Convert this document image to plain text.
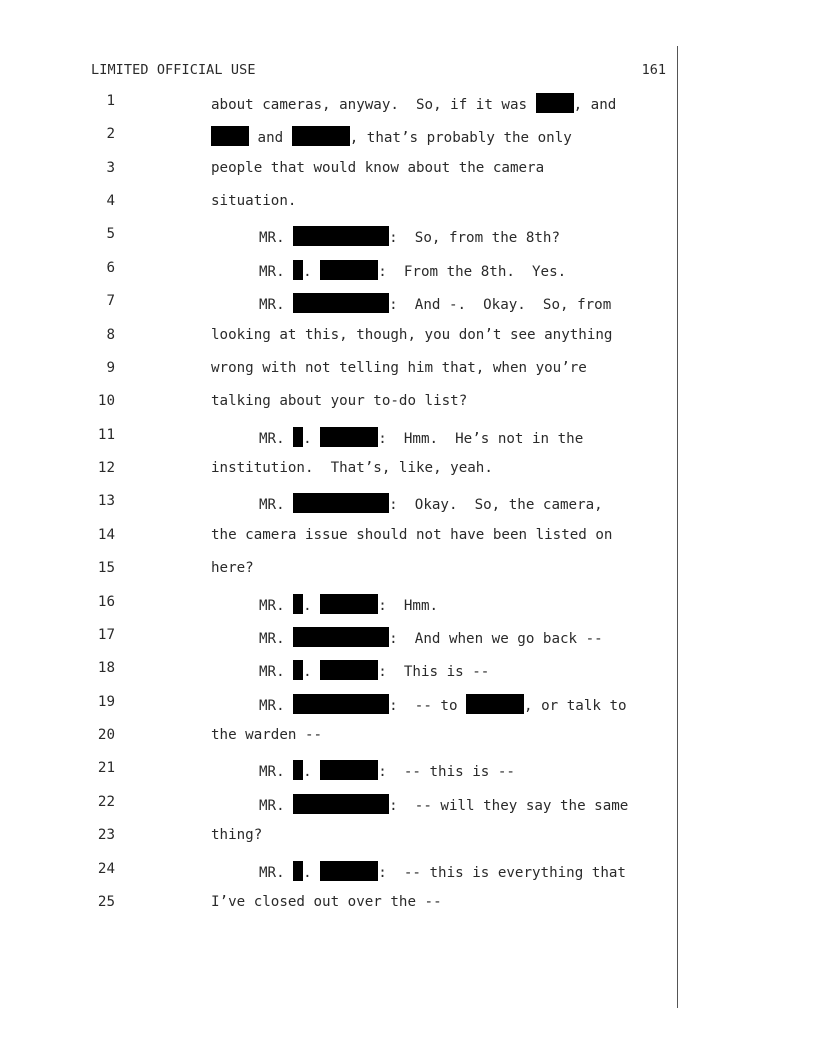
LIMITED OFFICIAL USE	161
1	about cameras, anyway.  So, if it was	, and
2	and	, that’s probably the only
3	people that would know about the camera
4	situation.
5	MR.	:  So, from the 8th?
6	MR. .	:  From the 8th.  Yes.
7	MR.	:  And -.  Okay.  So, from
8	looking at this, though, you don’t see anything
9	wrong with not telling him that, when you’re
10	talking about your to-do list?
11	MR. .	:  Hmm.  He’s not in the
12	institution.  That’s, like, yeah.
13	MR.	:  Okay.  So, the camera,
14	the camera issue should not have been listed on
15	here?
16	MR. .	:  Hmm.
17	MR.	:  And when we go back --
18	MR. .	:  This is --
19	MR.	:  -- to	, or talk to
20	the warden --
21	MR. .	:  -- this is --
22	MR.	:  -- will they say the same
23	thing?
24	MR. .	:  -- this is everything that
25	I’ve closed out over the --
